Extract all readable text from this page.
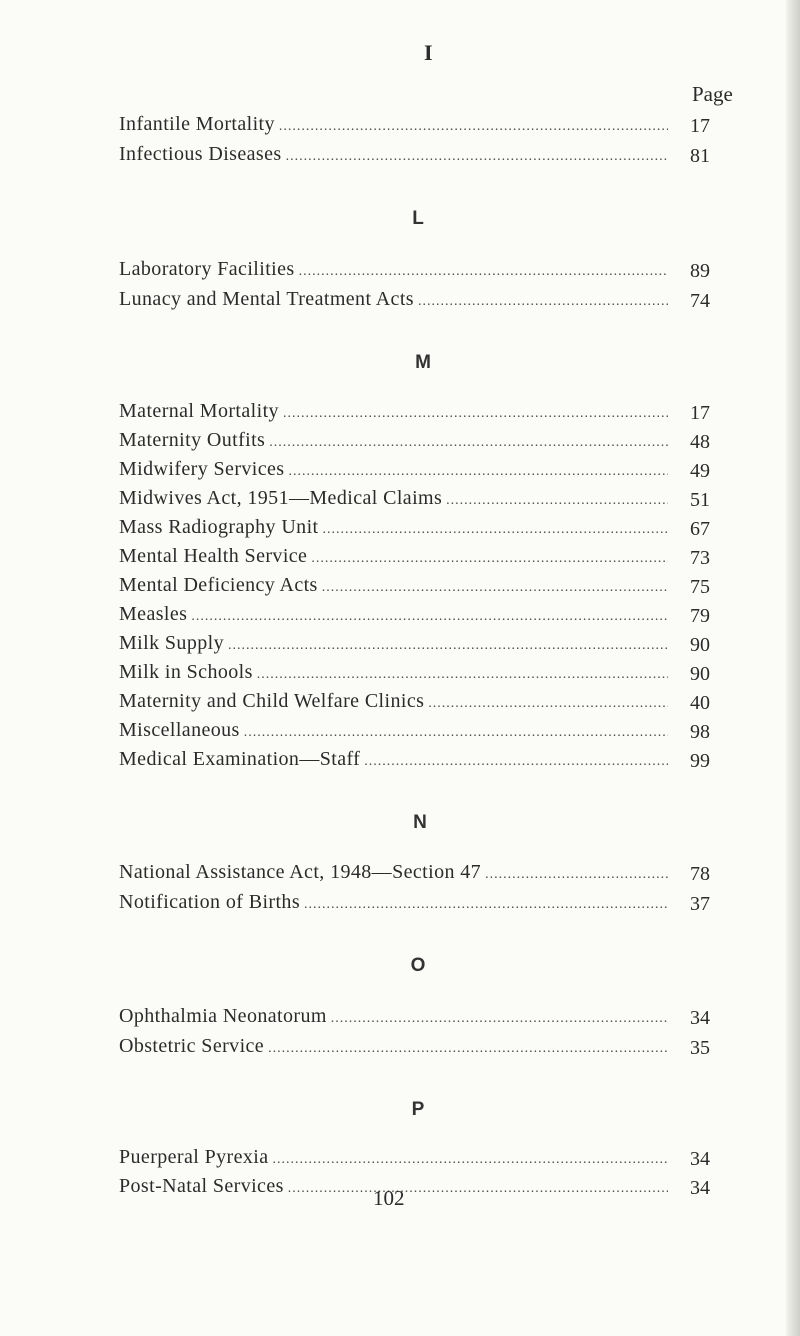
I
Page
Infantile Mortality .....	17
Infectious Diseases .....	81
L
Laboratory Facilities .....	89
Lunacy and Mental Treatment Acts .....	74
M
Maternal Mortality .....	17
Maternity Outfits .....	48
Midwifery Services .....	49
Midwives Act, 1951—Medical Claims .....	51
Mass Radiography Unit .....	67
Mental Health Service .....	73
Mental Deficiency Acts .....	75
Measles .....	79
Milk Supply .....	90
Milk in Schools .....	90
Maternity and Child Welfare Clinics .....	40
Miscellaneous .....	98
Medical Examination—Staff .....	99
N
National Assistance Act, 1948—Section 47 .....	78
Notification of Births .....	37
O
Ophthalmia Neonatorum .....	34
Obstetric Service .....	35
P
Puerperal Pyrexia .....	34
Post-Natal Services .....	34
102
